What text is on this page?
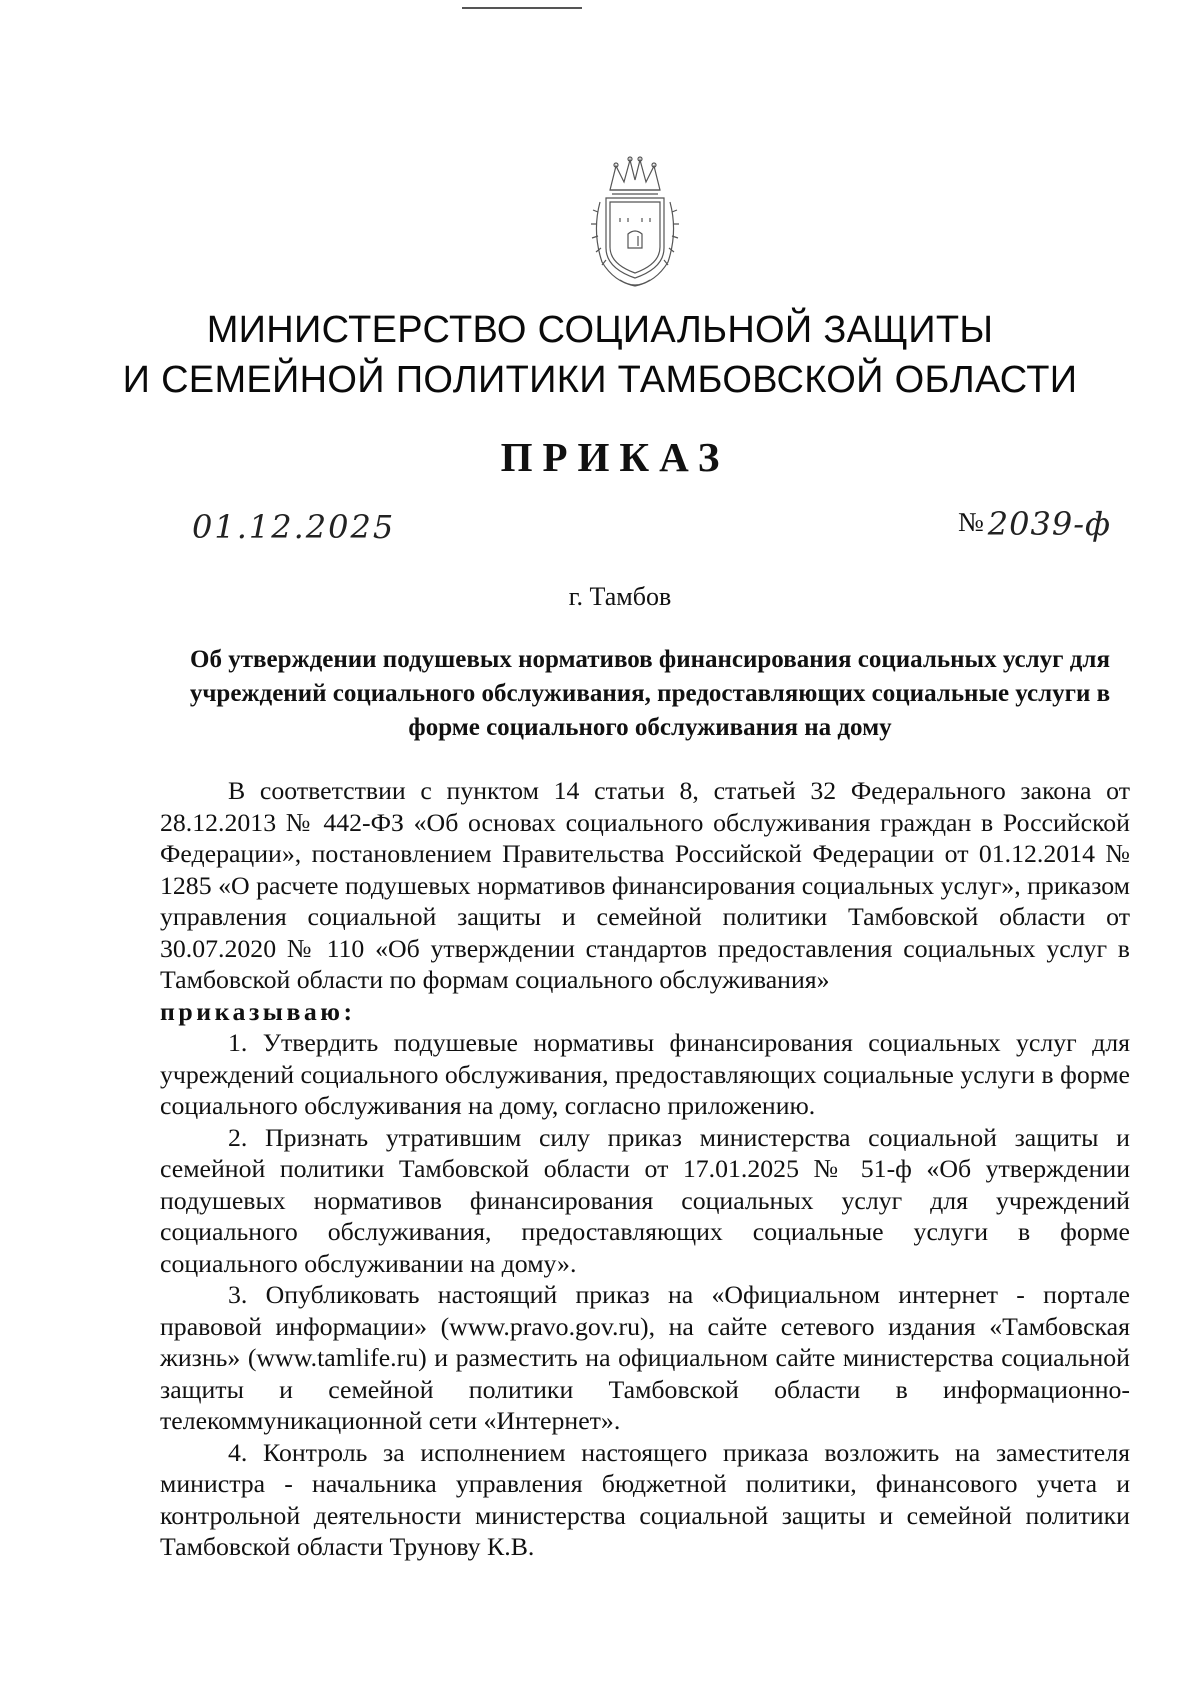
МИНИСТЕРСТВО СОЦИАЛЬНОЙ ЗАЩИТЫ
И СЕМЕЙНОЙ ПОЛИТИКИ ТАМБОВСКОЙ ОБЛАСТИ
ПРИКАЗ
01.12.2025	№ 2039-ф
г. Тамбов
Об утверждении подушевых нормативов финансирования социальных услуг для учреждений социального обслуживания, предоставляющих социальные услуги в форме социального обслуживания на дому

В соответствии с пунктом 14 статьи 8, статьей 32 Федерального закона от 28.12.2013 № 442-ФЗ «Об основах социального обслуживания граждан в Российской Федерации», постановлением Правительства Российской Федерации от 01.12.2014 № 1285 «О расчете подушевых нормативов финансирования социальных услуг», приказом управления социальной защиты и семейной политики Тамбовской области от 30.07.2020 № 110 «Об утверждении стандартов предоставления социальных услуг в Тамбовской области по формам социального обслуживания»

приказываю:

1. Утвердить подушевые нормативы финансирования социальных услуг для учреждений социального обслуживания, предоставляющих социальные услуги в форме социального обслуживания на дому, согласно приложению.

2. Признать утратившим силу приказ министерства социальной защиты и семейной политики Тамбовской области от 17.01.2025 № 51-ф «Об утверждении подушевых нормативов финансирования социальных услуг для учреждений социального обслуживания, предоставляющих социальные услуги в форме социального обслуживании на дому».

3. Опубликовать настоящий приказ на «Официальном интернет - портале правовой информации» (www.pravo.gov.ru), на сайте сетевого издания «Тамбовская жизнь» (www.tamlife.ru) и разместить на официальном сайте министерства социальной защиты и семейной политики Тамбовской области в информационно-телекоммуникационной сети «Интернет».

4. Контроль за исполнением настоящего приказа возложить на заместителя министра - начальника управления бюджетной политики, финансового учета и контрольной деятельности министерства социальной защиты и семейной политики Тамбовской области Трунову К.В.
